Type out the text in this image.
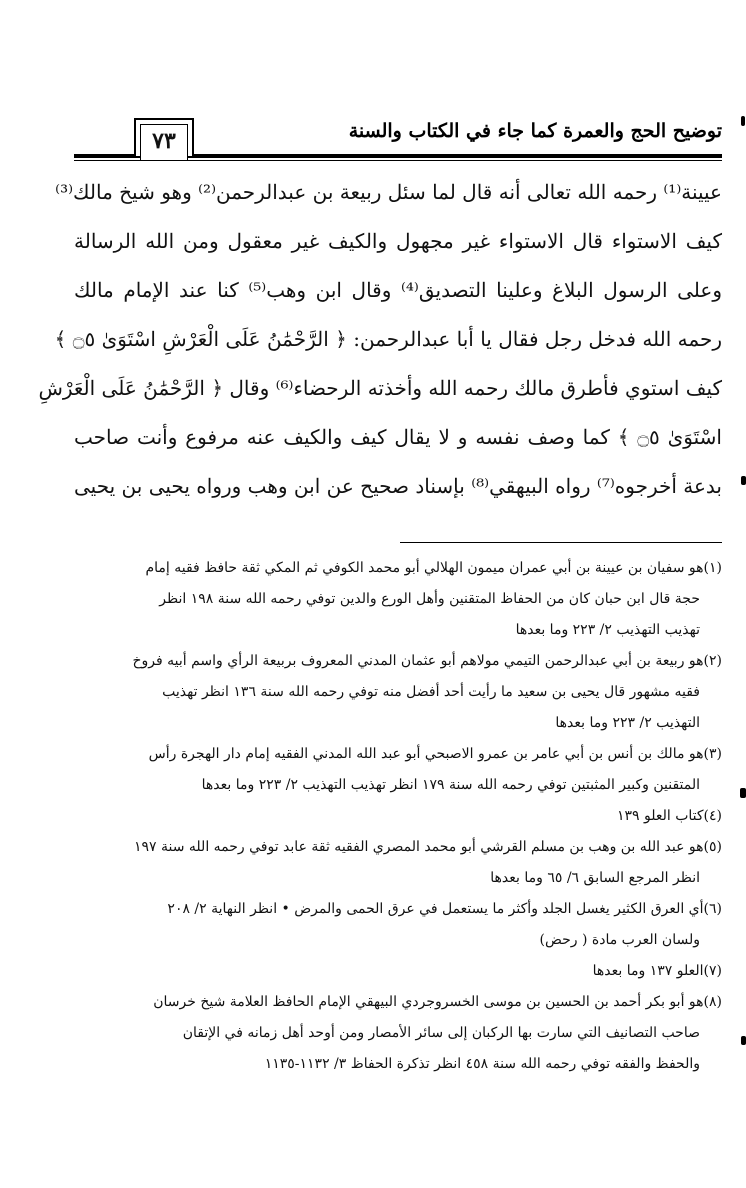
توضيح الحج والعمرة كما جاء في الكتاب والسنة
٧٣
عيينة⁽¹⁾ رحمه الله تعالى أنه قال لما سئل ربيعة بن عبدالرحمن⁽²⁾ وهو شيخ مالك⁽³⁾
كيف الاستواء قال الاستواء غير مجهول والكيف غير معقول ومن الله الرسالة
وعلى الرسول البلاغ وعلينا التصديق⁽⁴⁾ وقال ابن وهب⁽⁵⁾ كنا عند الإمام مالك
رحمه الله فدخل رجل فقال يا أبا عبدالرحمن: ﴿ الرَّحْمَٰنُ عَلَى الْعَرْشِ اسْتَوَىٰ ۝٥ ﴾
كيف استوي فأطرق مالك رحمه الله وأخذته الرحضاء⁽⁶⁾ وقال ﴿ الرَّحْمَٰنُ عَلَى الْعَرْشِ
اسْتَوَىٰ ۝٥ ﴾ كما وصف نفسه و لا يقال كيف والكيف عنه مرفوع وأنت صاحب
بدعة أخرجوه⁽⁷⁾ رواه البيهقي⁽⁸⁾ بإسناد صحيح عن ابن وهب ورواه يحيى بن يحيى
(١)هو سفيان بن عيينة بن أبي عمران ميمون الهلالي أبو محمد الكوفي ثم المكي ثقة حافظ فقيه إمام
حجة قال ابن حبان كان من الحفاظ المتقنين وأهل الورع والدين توفي رحمه الله سنة ١٩٨ انظر
تهذيب التهذيب ٢/ ٢٢٣ وما بعدها
(٢)هو ربيعة بن أبي عبدالرحمن التيمي مولاهم أبو عثمان المدني المعروف بربيعة الرأي واسم أبيه فروخ
فقيه مشهور قال يحيى بن سعيد ما رأيت أحد أفضل منه توفي رحمه الله سنة ١٣٦ انظر تهذيب
التهذيب ٢/ ٢٢٣ وما بعدها
(٣)هو مالك بن أنس بن أبي عامر بن عمرو الاصبحي أبو عبد الله المدني الفقيه إمام دار الهجرة رأس
المتقنين وكبير المثبتين توفي رحمه الله سنة ١٧٩ انظر تهذيب التهذيب ٢/ ٢٢٣ وما بعدها
(٤)كتاب العلو ١٣٩
(٥)هو عبد الله بن وهب بن مسلم القرشي أبو محمد المصري الفقيه ثقة عابد توفي رحمه الله سنة ١٩٧
انظر المرجع السابق ٦/ ٦٥ وما بعدها
(٦)أي العرق الكثير يغسل الجلد وأكثر ما يستعمل في عرق الحمى والمرض • انظر النهاية ٢/ ٢٠٨
ولسان العرب مادة ( رحض)
(٧)العلو ١٣٧ وما بعدها
(٨)هو أبو بكر أحمد بن الحسين بن موسى الخسروجردي البيهقي الإمام الحافظ العلامة شيخ خرسان
صاحب التصانيف التي سارت بها الركبان إلى سائر الأمصار ومن أوحد أهل زمانه في الإتقان
والحفظ والفقه توفي رحمه الله سنة ٤٥٨ انظر تذكرة الحفاظ ٣/ ١١٣٢-١١٣٥
